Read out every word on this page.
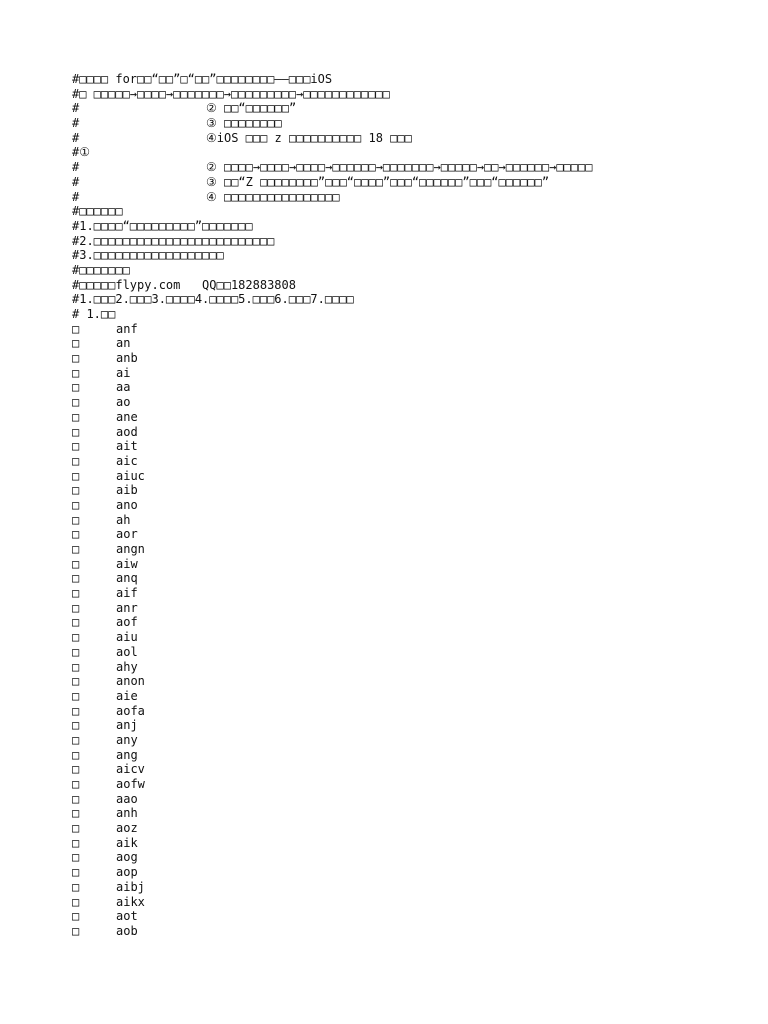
#□□□□ for□□“□□”□“□□”□□□□□□□□——□□□iOS
#□ □□□□□→□□□□→□□□□□□□→□□□□□□□□□→□□□□□□□□□□□□
#	② □□“□□□□□□”
#	③ □□□□□□□□
#	④iOS □□□ z □□□□□□□□□□ 18 □□□
#①
#	② □□□□→□□□□→□□□□→□□□□□□→□□□□□□□→□□□□□→□□→□□□□□□→□□□□□
#	③ □□“Z □□□□□□□□”□□□“□□□□”□□□“□□□□□□”□□□“□□□□□□”
#	④ □□□□□□□□□□□□□□□□
#□□□□□□
#1.□□□□“□□□□□□□□□”□□□□□□□
#2.□□□□□□□□□□□□□□□□□□□□□□□□□
#3.□□□□□□□□□□□□□□□□□□
#□□□□□□□
#□□□□□flypy.com   QQ□□182883808
#1.□□□2.□□□3.□□□□4.□□□□5.□□□6.□□□7.□□□□
# 1.□□
□	anf
□	an
□	anb
□	ai
□	aa
□	ao
□	ane
□	aod
□	ait
□	aic
□	aiuc
□	aib
□	ano
□	ah
□	aor
□	angn
□	aiw
□	anq
□	aif
□	anr
□	aof
□	aiu
□	aol
□	ahy
□	anon
□	aie
□	aofa
□	anj
□	any
□	ang
□	aicv
□	aofw
□	aao
□	anh
□	aoz
□	aik
□	aog
□	aop
□	aibj
□	aikx
□	aot
□	aob
